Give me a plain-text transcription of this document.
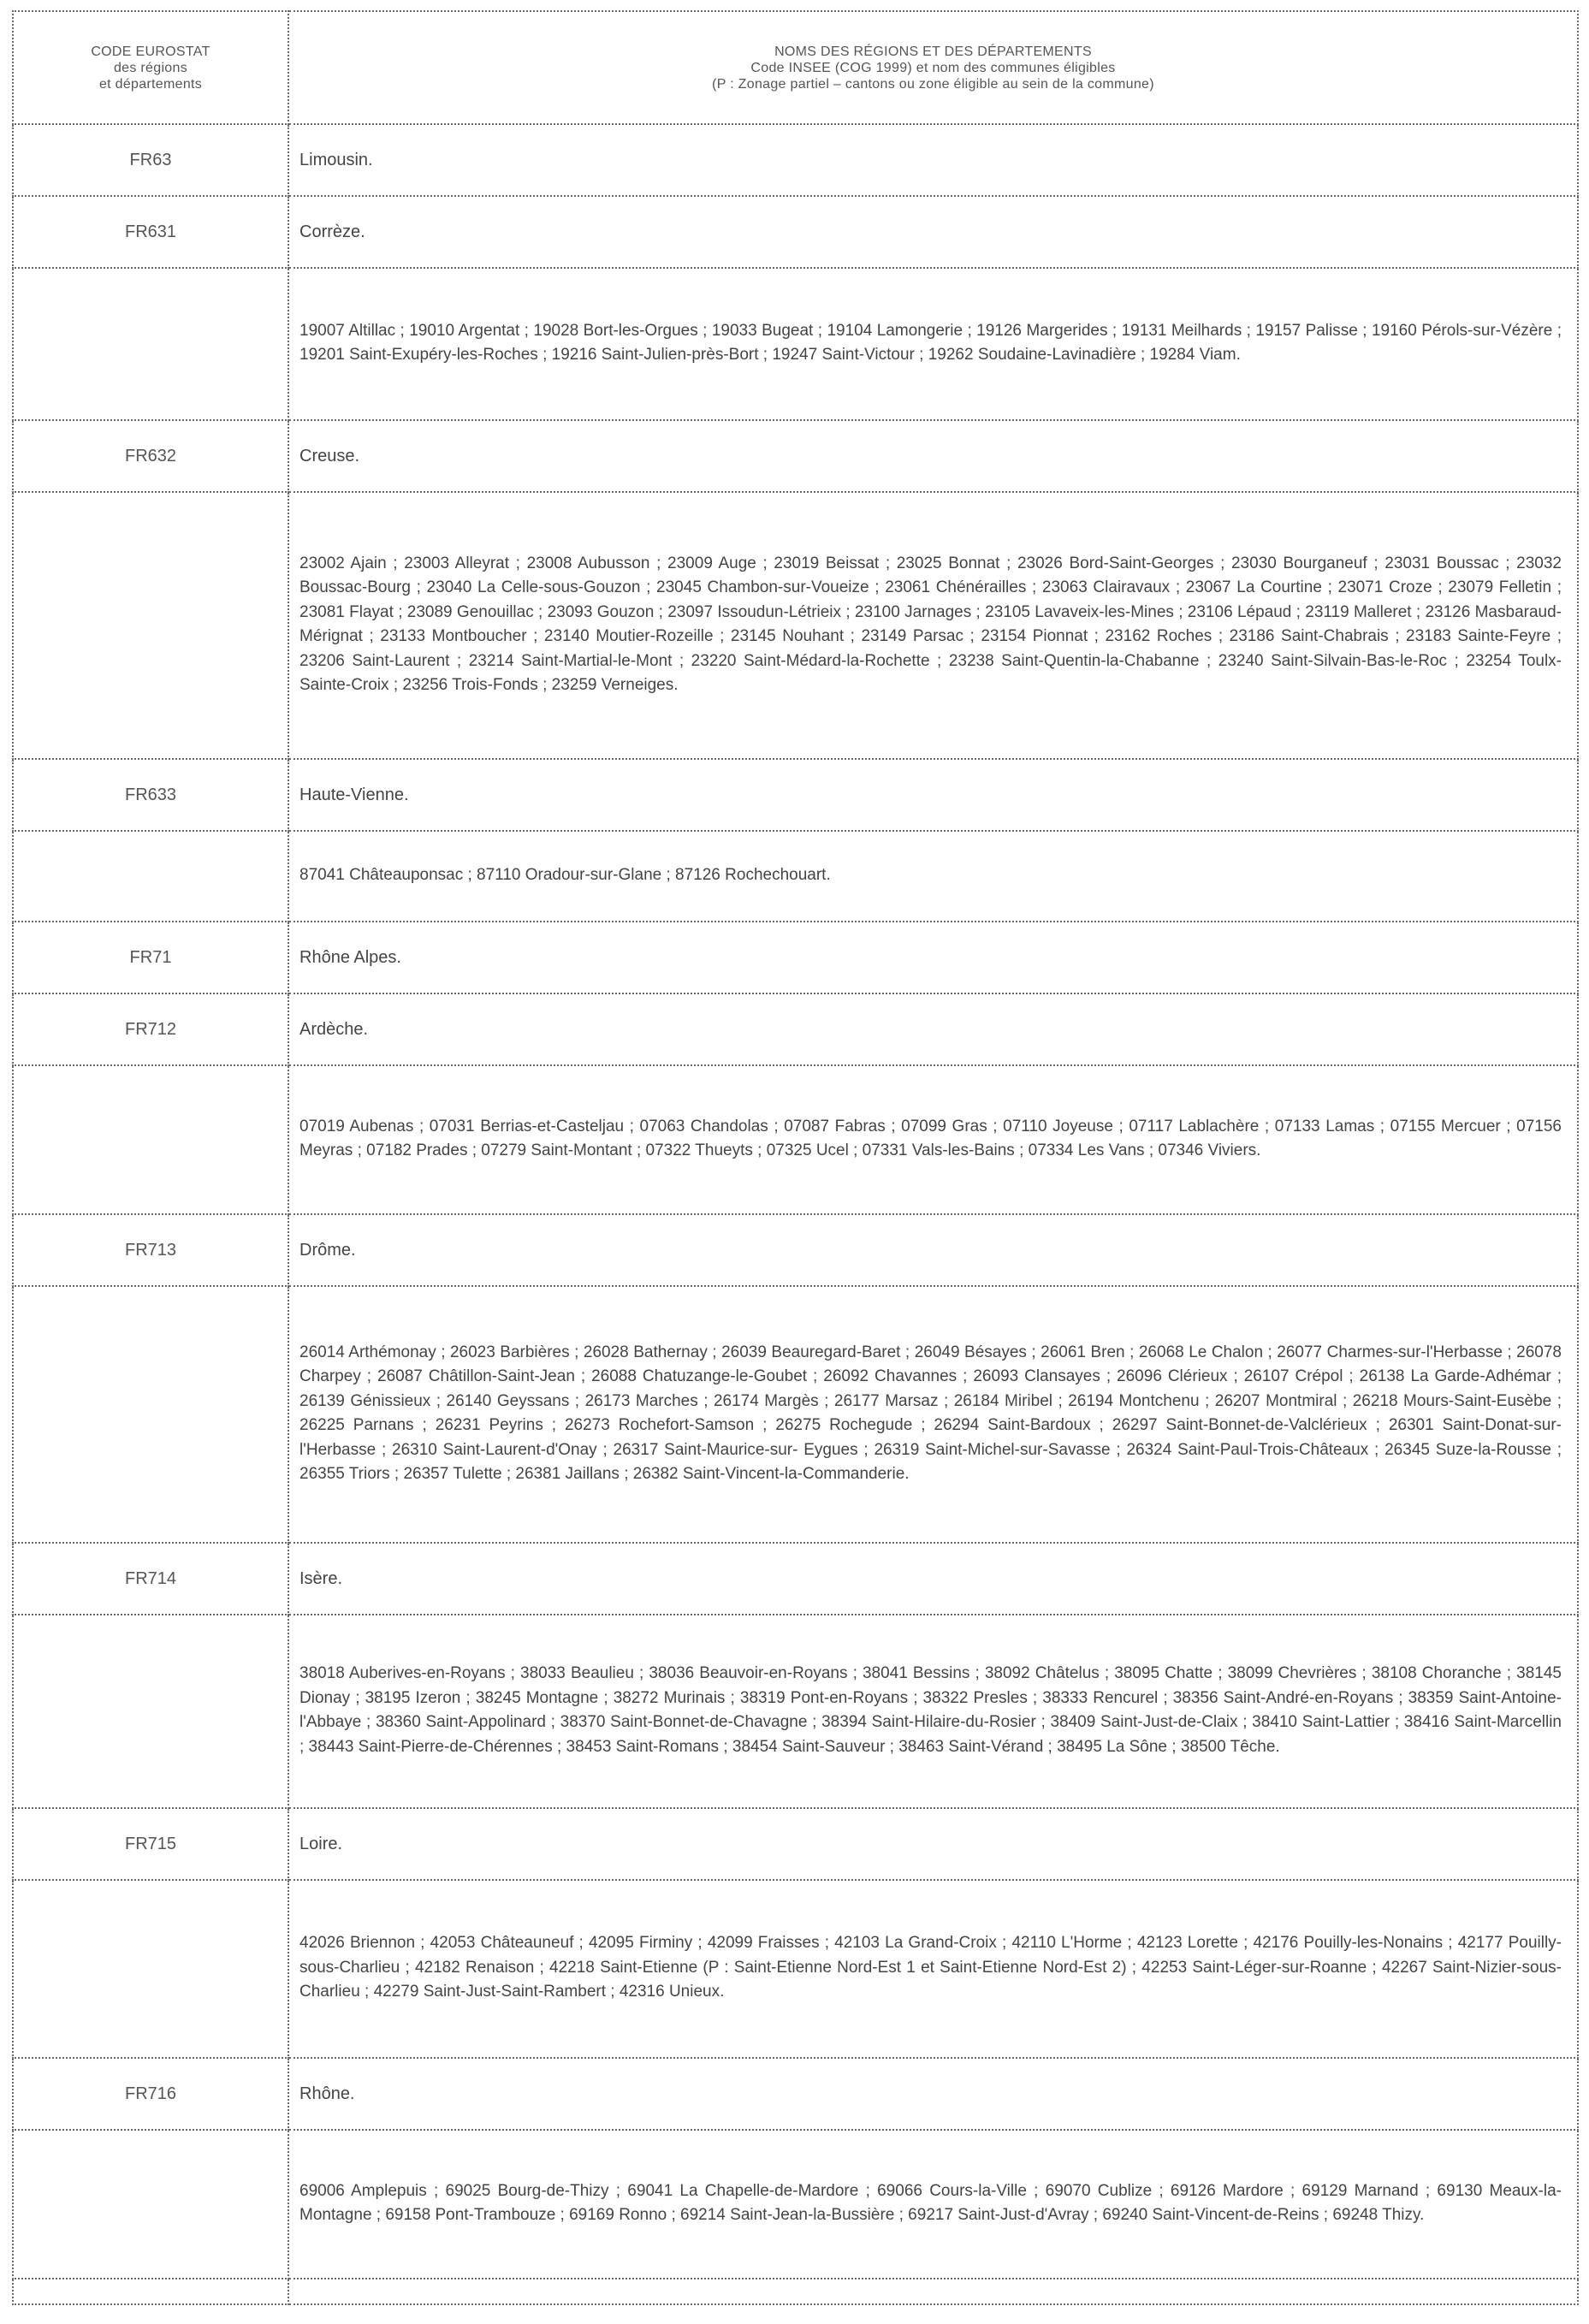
CODE EUROSTAT
des régions
et départements	NOMS DES RÉGIONS ET DES DÉPARTEMENTS
Code INSEE (COG 1999) et nom des communes éligibles
(P : Zonage partiel – cantons ou zone éligible au sein de la commune)

FR63	Limousin.
FR631	Corrèze.
	19007 Altillac ; 19010 Argentat ; 19028 Bort-les-Orgues ; 19033 Bugeat ; 19104 Lamongerie ; 19126 Margerides ; 19131 Meilhards ; 19157 Palisse ; 19160 Pérols-sur-Vézère ; 19201 Saint-Exupéry-les-Roches ; 19216 Saint-Julien-près-Bort ; 19247 Saint-Victour ; 19262 Soudaine-Lavinadière ; 19284 Viam.
FR632	Creuse.
	23002 Ajain ; 23003 Alleyrat ; 23008 Aubusson ; 23009 Auge ; 23019 Beissat ; 23025 Bonnat ; 23026 Bord-Saint-Georges ; 23030 Bourganeuf ; 23031 Boussac ; 23032 Boussac-Bourg ; 23040 La Celle-sous-Gouzon ; 23045 Chambon-sur-Voueize ; 23061 Chénérailles ; 23063 Clairavaux ; 23067 La Courtine ; 23071 Croze ; 23079 Felletin ; 23081 Flayat ; 23089 Genouillac ; 23093 Gouzon ; 23097 Issoudun-Létrieix ; 23100 Jarnages ; 23105 Lavaveix-les-Mines ; 23106 Lépaud ; 23119 Malleret ; 23126 Masbaraud-Mérignat ; 23133 Montboucher ; 23140 Moutier-Rozeille ; 23145 Nouhant ; 23149 Parsac ; 23154 Pionnat ; 23162 Roches ; 23186 Saint-Chabrais ; 23183 Sainte-Feyre ; 23206 Saint-Laurent ; 23214 Saint-Martial-le-Mont ; 23220 Saint-Médard-la-Rochette ; 23238 Saint-Quentin-la-Chabanne ; 23240 Saint-Silvain-Bas-le-Roc ; 23254 Toulx-Sainte-Croix ; 23256 Trois-Fonds ; 23259 Verneiges.
FR633	Haute-Vienne.
	87041 Châteauponsac ; 87110 Oradour-sur-Glane ; 87126 Rochechouart.
FR71	Rhône Alpes.
FR712	Ardèche.
	07019 Aubenas ; 07031 Berrias-et-Casteljau ; 07063 Chandolas ; 07087 Fabras ; 07099 Gras ; 07110 Joyeuse ; 07117 Lablachère ; 07133 Lamas ; 07155 Mercuer ; 07156 Meyras ; 07182 Prades ; 07279 Saint-Montant ; 07322 Thueyts ; 07325 Ucel ; 07331 Vals-les-Bains ; 07334 Les Vans ; 07346 Viviers.
FR713	Drôme.
	26014 Arthémonay ; 26023 Barbières ; 26028 Bathernay ; 26039 Beauregard-Baret ; 26049 Bésayes ; 26061 Bren ; 26068 Le Chalon ; 26077 Charmes-sur-l'Herbasse ; 26078 Charpey ; 26087 Châtillon-Saint-Jean ; 26088 Chatuzange-le-Goubet ; 26092 Chavannes ; 26093 Clansayes ; 26096 Clérieux ; 26107 Crépol ; 26138 La Garde-Adhémar ; 26139 Génissieux ; 26140 Geyssans ; 26173 Marches ; 26174 Margès ; 26177 Marsaz ; 26184 Miribel ; 26194 Montchenu ; 26207 Montmiral ; 26218 Mours-Saint-Eusèbe ; 26225 Parnans ; 26231 Peyrins ; 26273 Rochefort-Samson ; 26275 Rochegude ; 26294 Saint-Bardoux ; 26297 Saint-Bonnet-de-Valclérieux ; 26301 Saint-Donat-sur-l'Herbasse ; 26310 Saint-Laurent-d'Onay ; 26317 Saint-Maurice-sur- Eygues ; 26319 Saint-Michel-sur-Savasse ; 26324 Saint-Paul-Trois-Châteaux ; 26345 Suze-la-Rousse ; 26355 Triors ; 26357 Tulette ; 26381 Jaillans ; 26382 Saint-Vincent-la-Commanderie.
FR714	Isère.
	38018 Auberives-en-Royans ; 38033 Beaulieu ; 38036 Beauvoir-en-Royans ; 38041 Bessins ; 38092 Châtelus ; 38095 Chatte ; 38099 Chevrières ; 38108 Choranche ; 38145 Dionay ; 38195 Izeron ; 38245 Montagne ; 38272 Murinais ; 38319 Pont-en-Royans ; 38322 Presles ; 38333 Rencurel ; 38356 Saint-André-en-Royans ; 38359 Saint-Antoine-l'Abbaye ; 38360 Saint-Appolinard ; 38370 Saint-Bonnet-de-Chavagne ; 38394 Saint-Hilaire-du-Rosier ; 38409 Saint-Just-de-Claix ; 38410 Saint-Lattier ; 38416 Saint-Marcellin ; 38443 Saint-Pierre-de-Chérennes ; 38453 Saint-Romans ; 38454 Saint-Sauveur ; 38463 Saint-Vérand ; 38495 La Sône ; 38500 Têche.
FR715	Loire.
	42026 Briennon ; 42053 Châteauneuf ; 42095 Firminy ; 42099 Fraisses ; 42103 La Grand-Croix ; 42110 L'Horme ; 42123 Lorette ; 42176 Pouilly-les-Nonains ; 42177 Pouilly-sous-Charlieu ; 42182 Renaison ; 42218 Saint-Etienne (P : Saint-Etienne Nord-Est 1 et Saint-Etienne Nord-Est 2) ; 42253 Saint-Léger-sur-Roanne ; 42267 Saint-Nizier-sous-Charlieu ; 42279 Saint-Just-Saint-Rambert ; 42316 Unieux.
FR716	Rhône.
	69006 Amplepuis ; 69025 Bourg-de-Thizy ; 69041 La Chapelle-de-Mardore ; 69066 Cours-la-Ville ; 69070 Cublize ; 69126 Mardore ; 69129 Marnand ; 69130 Meaux-la-Montagne ; 69158 Pont-Trambouze ; 69169 Ronno ; 69214 Saint-Jean-la-Bussière ; 69217 Saint-Just-d'Avray ; 69240 Saint-Vincent-de-Reins ; 69248 Thizy.
